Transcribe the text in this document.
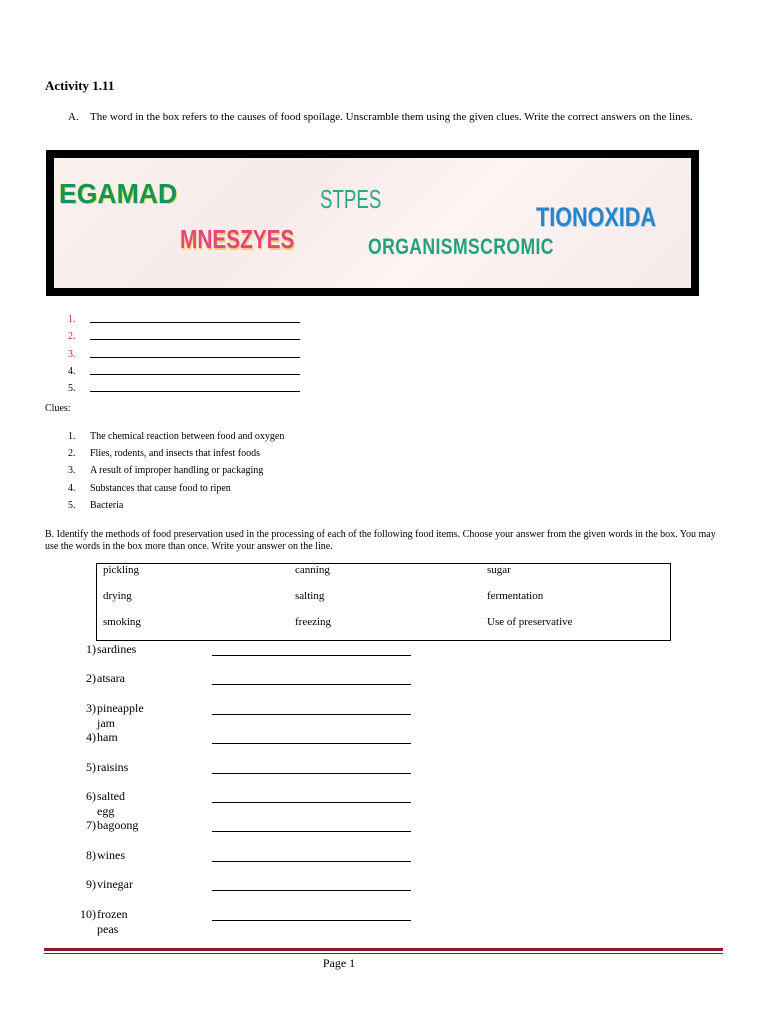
Activity 1.11
A.	The word in the box refers to the causes of food spoilage. Unscramble them using the given clues. Write the correct answers on the lines.
EGAMAD	STPES
TIONOXIDA
MNESZYES	ORGANISMSCROMIC
1.
2.
3.
4.
5.
Clues:
1.	The chemical reaction between food and oxygen
2.	Flies, rodents, and insects that infest foods
3.	A result of improper handling or packaging
4.	Substances that cause food to ripen
5.	Bacteria
B. Identify the methods of food preservation used in the processing of each of the following food items. Choose your answer from the given words in the box. You may use the words in the box more than once. Write your answer on the line.
pickling	canning	sugar
drying	salting	fermentation
smoking	freezing	Use of preservative
1) sardines
2) atsara
3) pineapple jam
4) ham
5) raisins
6) salted egg
7) bagoong
8) wines
9) vinegar
10) frozen peas
Page 1
